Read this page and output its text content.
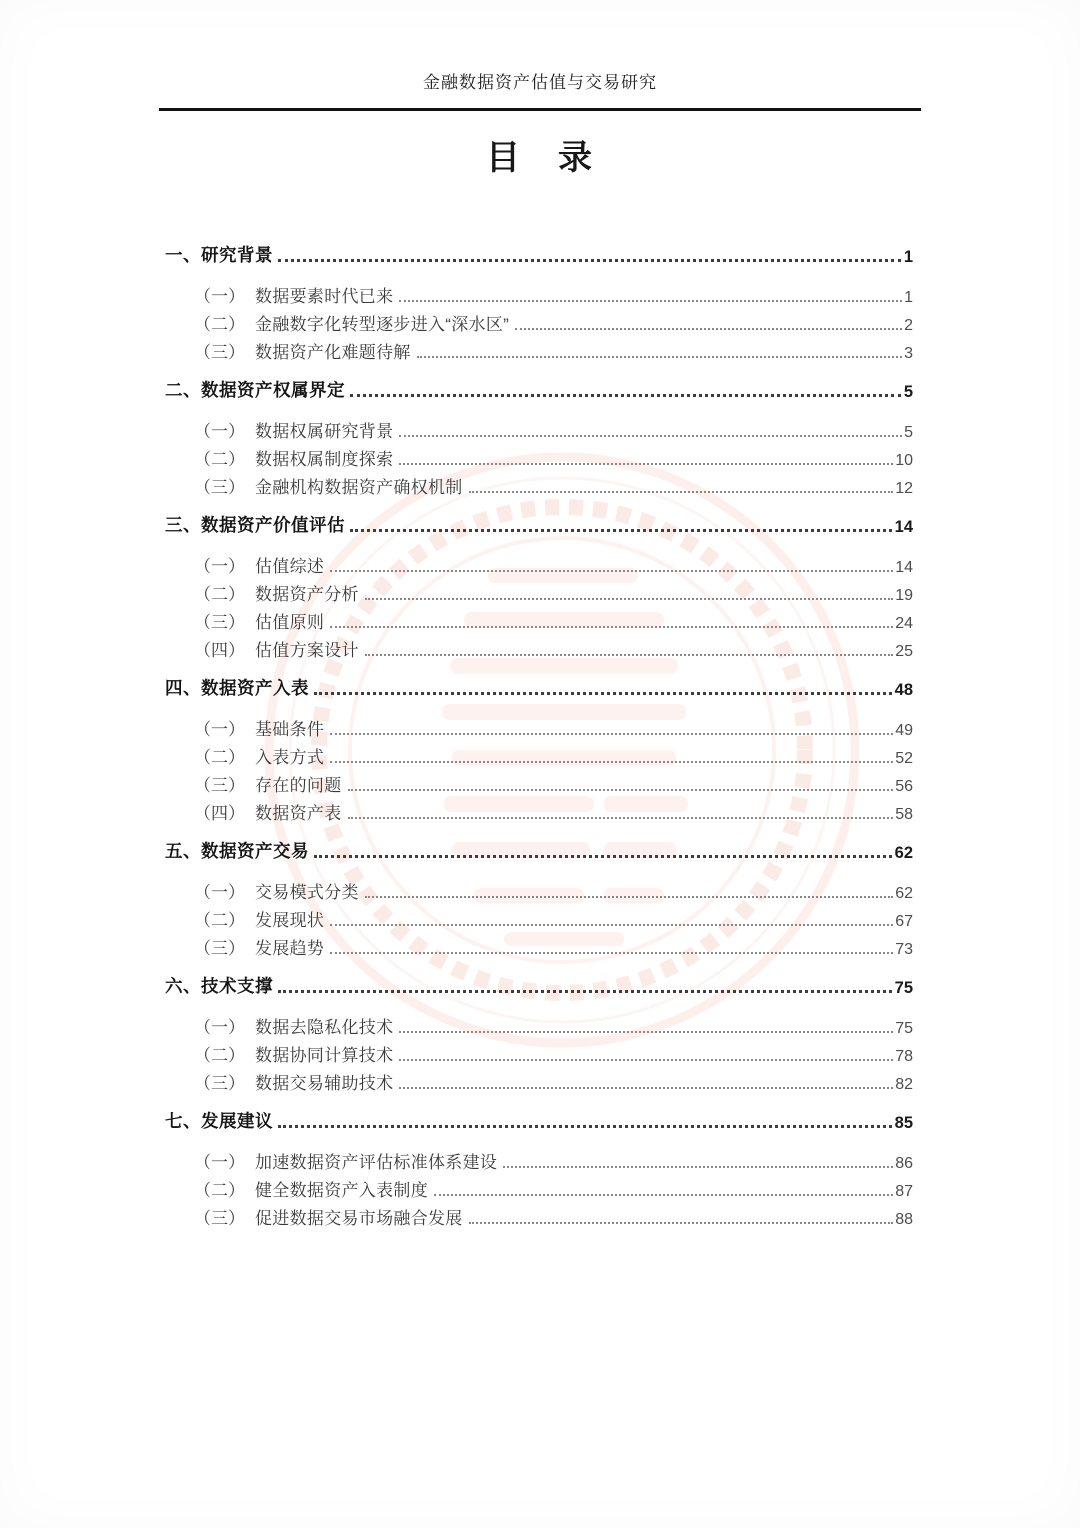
金融数据资产估值与交易研究
目　录
一、研究背景	1
（一） 数据要素时代已来	1
（二） 金融数字化转型逐步进入“深水区”	2
（三） 数据资产化难题待解	3
二、数据资产权属界定	5
（一） 数据权属研究背景	5
（二） 数据权属制度探索	10
（三） 金融机构数据资产确权机制	12
三、数据资产价值评估	14
（一） 估值综述	14
（二） 数据资产分析	19
（三） 估值原则	24
（四） 估值方案设计	25
四、数据资产入表	48
（一） 基础条件	49
（二） 入表方式	52
（三） 存在的问题	56
（四） 数据资产表	58
五、数据资产交易	62
（一） 交易模式分类	62
（二） 发展现状	67
（三） 发展趋势	73
六、技术支撑	75
（一） 数据去隐私化技术	75
（二） 数据协同计算技术	78
（三） 数据交易辅助技术	82
七、发展建议	85
（一） 加速数据资产评估标准体系建设	86
（二） 健全数据资产入表制度	87
（三） 促进数据交易市场融合发展	88
